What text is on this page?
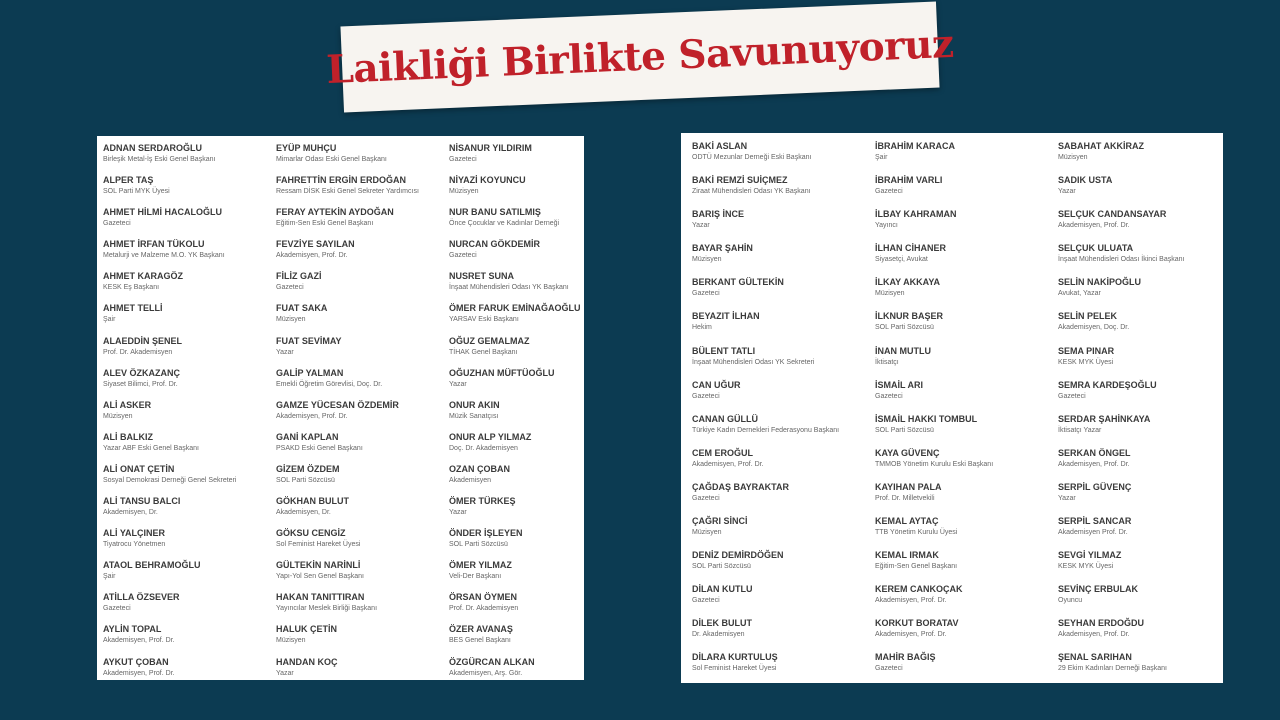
Laikliği Birlikte Savunuyoruz
ADNAN SERDAROĞLU
Birleşik Metal-İş Eski Genel Başkanı
ALPER TAŞ
SOL Parti MYK Üyesi
AHMET HİLMİ HACALOĞLU
Gazeteci
AHMET İRFAN TÜKOLU
Metalurji ve Malzeme M.O. YK Başkanı
AHMET KARAGÖZ
KESK Eş Başkanı
AHMET TELLİ
Şair
ALAEDDİN ŞENEL
Prof. Dr. Akademisyen
ALEV ÖZKAZANÇ
Siyaset Bilimci, Prof. Dr.
ALİ ASKER
Müzisyen
ALİ BALKIZ
Yazar ABF Eski Genel Başkanı
ALİ ONAT ÇETİN
Sosyal Demokrasi Derneği Genel Sekreteri
ALİ TANSU BALCI
Akademisyen, Dr.
ALİ YALÇINER
Tiyatrocu Yönetmen
ATAOL BEHRAMOĞLU
Şair
ATİLLA ÖZSEVER
Gazeteci
AYLİN TOPAL
Akademisyen, Prof. Dr.
AYKUT ÇOBAN
Akademisyen, Prof. Dr.
EYÜP MUHÇU
Mimarlar Odası Eski Genel Başkanı
FAHRETTİN ERGİN ERDOĞAN
Ressam DİSK Eski Genel Sekreter Yardımcısı
FERAY AYTEKİN AYDOĞAN
Eğitim-Sen Eski Genel Başkanı
FEVZİYE SAYILAN
Akademisyen, Prof. Dr.
FİLİZ GAZİ
Gazeteci
FUAT SAKA
Müzisyen
FUAT SEVİMAY
Yazar
GALİP YALMAN
Emekli Öğretim Görevlisi, Doç. Dr.
GAMZE YÜCESAN ÖZDEMİR
Akademisyen, Prof. Dr.
GANİ KAPLAN
PSAKD Eski Genel Başkanı
GİZEM ÖZDEM
SOL Parti Sözcüsü
GÖKHAN BULUT
Akademisyen, Dr.
GÖKSU CENGİZ
Sol Feminist Hareket Üyesi
GÜLTEKİN NARİNLİ
Yapı-Yol Sen Genel Başkanı
HAKAN TANITTIRAN
Yayıncılar Meslek Birliği Başkanı
HALUK ÇETİN
Müzisyen
HANDAN KOÇ
Yazar
NİSANUR YILDIRIM
Gazeteci
NİYAZİ KOYUNCU
Müzisyen
NUR BANU SATILMIŞ
Önce Çocuklar ve Kadınlar Derneği
NURCAN GÖKDEMİR
Gazeteci
NUSRET SUNA
İnşaat Mühendisleri Odası YK Başkanı
ÖMER FARUK EMİNAĞAOĞLU
YARSAV Eski Başkanı
OĞUZ GEMALMAZ
TİHAK Genel Başkanı
OĞUZHAN MÜFTÜOĞLU
Yazar
ONUR AKIN
Müzik Sanatçısı
ONUR ALP YILMAZ
Doç. Dr. Akademisyen
OZAN ÇOBAN
Akademisyen
ÖMER TÜRKEŞ
Yazar
ÖNDER İŞLEYEN
SOL Parti Sözcüsü
ÖMER YILMAZ
Veli-Der Başkanı
ÖRSAN ÖYMEN
Prof. Dr. Akademisyen
ÖZER AVANAŞ
BES Genel Başkanı
ÖZGÜRCAN ALKAN
Akademisyen, Arş. Gör.
BAKİ ASLAN
ODTÜ Mezunlar Derneği Eski Başkanı
BAKİ REMZİ SUİÇMEZ
Ziraat Mühendisleri Odası YK Başkanı
BARIŞ İNCE
Yazar
BAYAR ŞAHİN
Müzisyen
BERKANT GÜLTEKİN
Gazeteci
BEYAZIT İLHAN
Hekim
BÜLENT TATLI
İnşaat Mühendisleri Odası YK Sekreteri
CAN UĞUR
Gazeteci
CANAN GÜLLÜ
Türkiye Kadın Dernekleri Federasyonu Başkanı
CEM EROĞUL
Akademisyen, Prof. Dr.
ÇAĞDAŞ BAYRAKTAR
Gazeteci
ÇAĞRI SİNCİ
Müzisyen
DENİZ DEMİRDÖĞEN
SOL Parti Sözcüsü
DİLAN KUTLU
Gazeteci
DİLEK BULUT
Dr. Akademisyen
DİLARA KURTULUŞ
Sol Feminist Hareket Üyesi
İBRAHİM KARACA
Şair
İBRAHİM VARLI
Gazeteci
İLBAY KAHRAMAN
Yayıncı
İLHAN CİHANER
Siyasetçi, Avukat
İLKAY AKKAYA
Müzisyen
İLKNUR BAŞER
SOL Parti Sözcüsü
İNAN MUTLU
İktisatçı
İSMAİL ARI
Gazeteci
İSMAİL HAKKI TOMBUL
SOL Parti Sözcüsü
KAYA GÜVENÇ
TMMOB Yönetim Kurulu Eski Başkanı
KAYIHAN PALA
Prof. Dr. Milletvekili
KEMAL AYTAÇ
TTB Yönetim Kurulu Üyesi
KEMAL IRMAK
Eğitim-Sen Genel Başkanı
KEREM CANKOÇAK
Akademisyen, Prof. Dr.
KORKUT BORATAV
Akademisyen, Prof. Dr.
MAHİR BAĞIŞ
Gazeteci
SABAHAT AKKİRAZ
Müzisyen
SADIK USTA
Yazar
SELÇUK CANDANSAYAR
Akademisyen, Prof. Dr.
SELÇUK ULUATA
İnşaat Mühendisleri Odası İkinci Başkanı
SELİN NAKİPOĞLU
Avukat, Yazar
SELİN PELEK
Akademisyen, Doç. Dr.
SEMA PINAR
KESK MYK Üyesi
SEMRA KARDEŞOĞLU
Gazeteci
SERDAR ŞAHİNKAYA
İktisatçı Yazar
SERKAN ÖNGEL
Akademisyen, Prof. Dr.
SERPİL GÜVENÇ
Yazar
SERPİL SANCAR
Akademisyen Prof. Dr.
SEVGİ YILMAZ
KESK MYK Üyesi
SEVİNÇ ERBULAK
Oyuncu
SEYHAN ERDOĞDU
Akademisyen, Prof. Dr.
ŞENAL SARIHAN
29 Ekim Kadınları Derneği Başkanı
